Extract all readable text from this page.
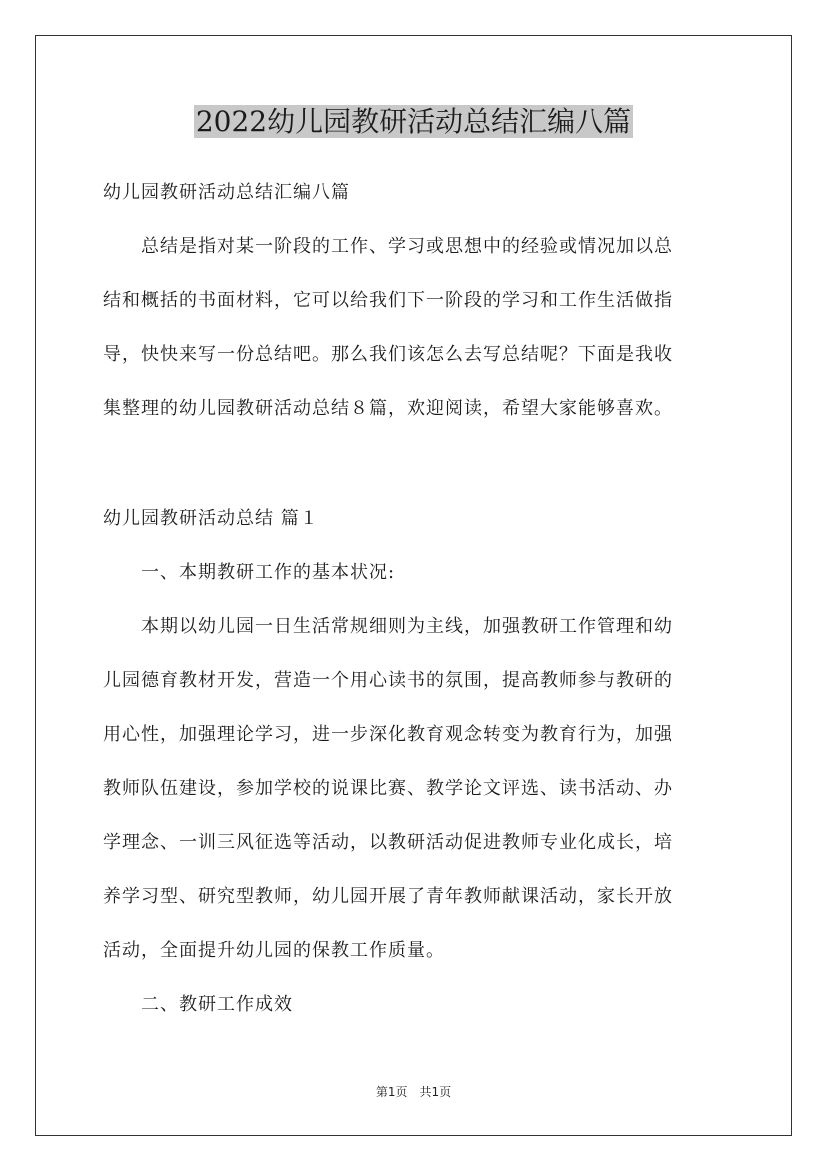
2022幼儿园教研活动总结汇编八篇

幼儿园教研活动总结汇编八篇

　　总结是指对某一阶段的工作、学习或思想中的经验或情况加以总
结和概括的书面材料，它可以给我们下一阶段的学习和工作生活做指
导，快快来写一份总结吧。那么我们该怎么去写总结呢？下面是我收
集整理的幼儿园教研活动总结８篇，欢迎阅读，希望大家能够喜欢。

幼儿园教研活动总结 篇１

　　一、本期教研工作的基本状况:

　　本期以幼儿园一日生活常规细则为主线，加强教研工作管理和幼
儿园德育教材开发，营造一个用心读书的氛围，提高教师参与教研的
用心性，加强理论学习，进一步深化教育观念转变为教育行为，加强
教师队伍建设，参加学校的说课比赛、教学论文评选、读书活动、办
学理念、一训三风征选等活动，以教研活动促进教师专业化成长，培
养学习型、研究型教师，幼儿园开展了青年教师献课活动，家长开放
活动，全面提升幼儿园的保教工作质量。

　　二、教研工作成效

第1页　共1页
